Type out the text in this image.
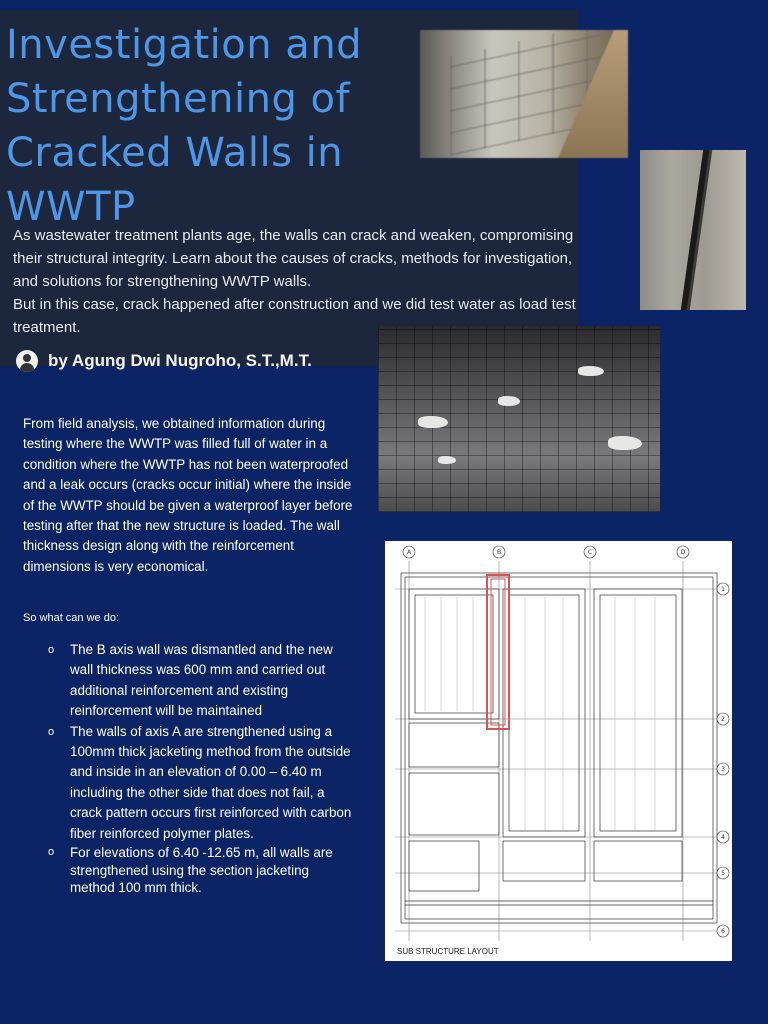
Investigation and Strengthening of Cracked Walls in WWTP

As wastewater treatment plants age, the walls can crack and weaken, compromising their structural integrity. Learn about the causes of cracks, methods for investigation, and solutions for strengthening WWTP walls.

But in this case, crack happened after construction and we did test water as load test treatment.

by Agung Dwi Nugroho, S.T.,M.T.

From field analysis, we obtained information during testing where the WWTP was filled full of water in a condition where the WWTP has not been waterproofed and a leak occurs (cracks occur initial) where the inside of the WWTP should be given a waterproof layer before testing after that the new structure is loaded. The wall thickness design along with the reinforcement dimensions is very economical.

So what can we do:
o The B axis wall was dismantled and the new wall thickness was 600 mm and carried out additional reinforcement and existing reinforcement will be maintained
o The walls of axis A are strengthened using a 100mm thick jacketing method from the outside and inside in an elevation of 0.00 – 6.40 m including the other side that does not fail, a crack pattern occurs first reinforced with carbon fiber reinforced polymer plates.
o For elevations of 6.40 -12.65 m, all walls are strengthened using the section jacketing method 100 mm thick.
A	B	C	D
1
2
3
4
5
6

SUB STRUCTURE LAYOUT
